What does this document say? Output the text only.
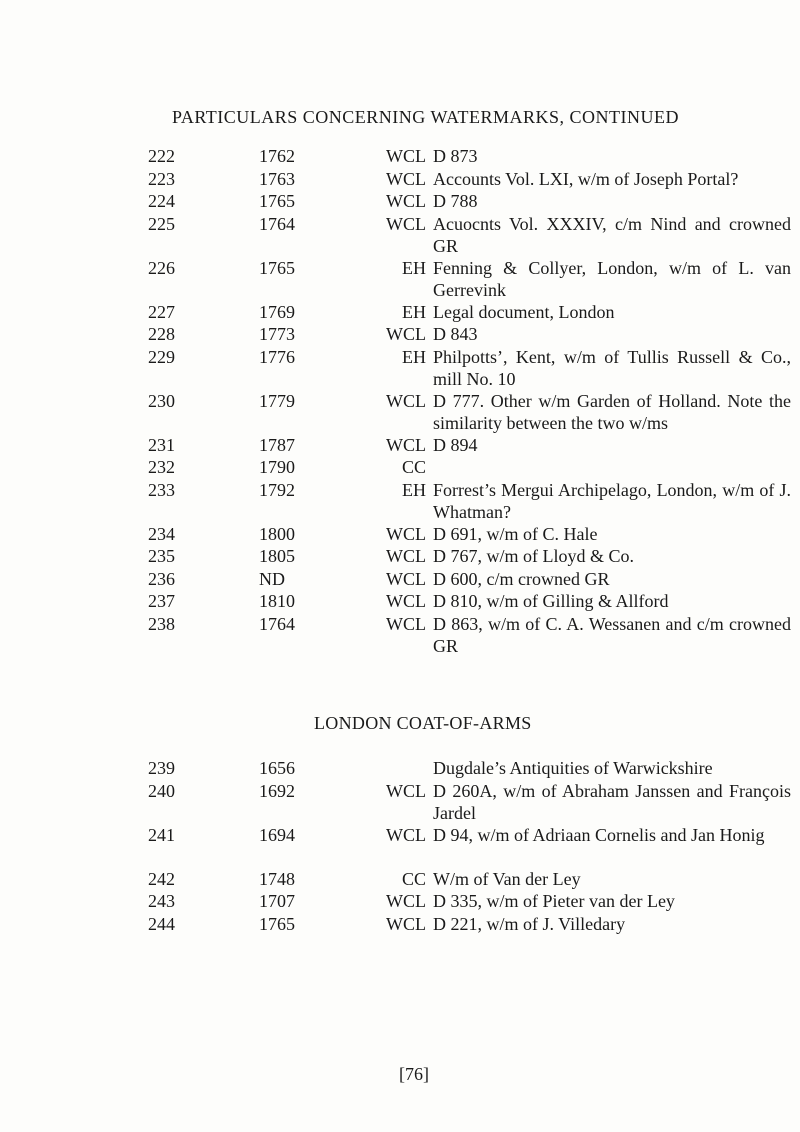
PARTICULARS CONCERNING WATERMARKS, CONTINUED
222	1762	WCL D 873
223	1763	WCL Accounts Vol. LXI, w/m of Joseph Portal?
224	1765	WCL D 788
225	1764	WCL Acuocnts Vol. XXXIV, c/m Nind and crowned GR
226	1765	EH Fenning & Collyer, London, w/m of L. van Gerrevink
227	1769	EH Legal document, London
228	1773	WCL D 843
229	1776	EH Philpotts’, Kent, w/m of Tullis Russell & Co., mill No. 10
230	1779	WCL D 777. Other w/m Garden of Holland. Note the similarity between the two w/ms
231	1787	WCL D 894
232	1790	CC
233	1792	EH Forrest’s Mergui Archipelago, London, w/m of J. Whatman?
234	1800	WCL D 691, w/m of C. Hale
235	1805	WCL D 767, w/m of Lloyd & Co.
236	ND	WCL D 600, c/m crowned GR
237	1810	WCL D 810, w/m of Gilling & Allford
238	1764	WCL D 863, w/m of C. A. Wessanen and c/m crowned GR
LONDON COAT-OF-ARMS
239	1656	Dugdale’s Antiquities of Warwickshire
240	1692	WCL D 260A, w/m of Abraham Janssen and François Jardel
241	1694	WCL D 94, w/m of Adriaan Cornelis and Jan Honig
242	1748	CC W/m of Van der Ley
243	1707	WCL D 335, w/m of Pieter van der Ley
244	1765	WCL D 221, w/m of J. Villedary
[76]
